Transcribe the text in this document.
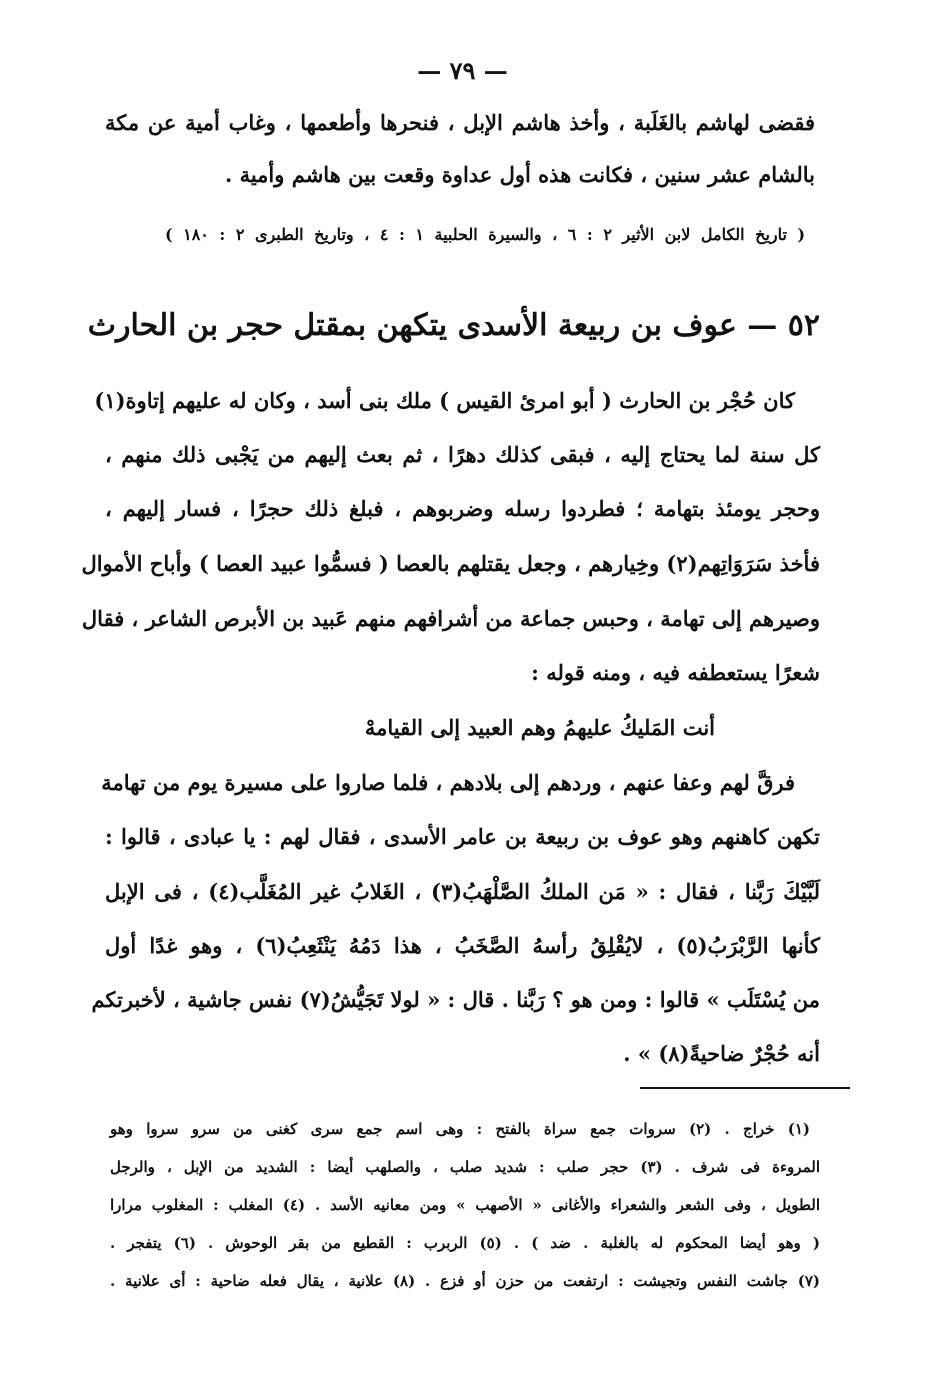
— ٧٩ —
فقضى لهاشم بالغَلَبة ، وأخذ هاشم الإبل ، فنحرها وأطعمها ، وغاب أمية عن مكة
بالشام عشر سنين ، فكانت هذه أول عداوة وقعت بين هاشم وأمية .
( تاريخ الكامل لابن الأثير ٢ : ٦ ، والسيرة الحلبية ١ : ٤ ، وتاريخ الطبرى ٢ : ١٨٠ )
٥٢ — عوف بن ربيعة الأسدى يتكهن بمقتل حجر بن الحارث
كان حُجْر بن الحارث ( أبو امرئ القيس ) ملك بنى أسد ، وكان له عليهم إتاوة(١)
كل سنة لما يحتاج إليه ، فبقى كذلك دهرًا ، ثم بعث إليهم من يَجْبى ذلك منهم ،
وحجر يومئذ بتهامة ؛ فطردوا رسله وضربوهم ، فبلغ ذلك حجرًا ، فسار إليهم ،
فأخذ سَرَوَاتِهم(٢) وخِيارهم ، وجعل يقتلهم بالعصا ( فسمُّوا عبيد العصا ) وأباح الأموال
وصيرهم إلى تهامة ، وحبس جماعة من أشرافهم منهم عَبيد بن الأبرص الشاعر ، فقال
شعرًا يستعطفه فيه ، ومنه قوله :
أنت المَليكُ عليهمُ وهم العبيد إلى القيامهْ
فرقَّ لهم وعفا عنهم ، وردهم إلى بلادهم ، فلما صاروا على مسيرة يوم من تهامة
تكهن كاهنهم وهو عوف بن ربيعة بن عامر الأسدى ، فقال لهم : يا عبادى ، قالوا :
لَبَّيْكَ رَبَّنا ، فقال : « مَن الملكُ الصَّلْهَبُ(٣) ، الغَلابُ غير المُغَلَّب(٤) ، فى الإبل
كأنها الرَّبْرَبُ(٥) ، لايُقْلِقُ رأسهُ الصَّخَبُ ، هذا دَمُهُ يَنْثَعِبُ(٦) ، وهو غدًا أول
من يُسْتَلَب » قالوا : ومن هو ؟ رَبَّنا . قال : « لولا تَجَيُّشُ(٧) نفس جاشية ، لأخبرتكم
أنه حُجْرٌ ضاحيةً(٨) » .
(١) خراج . (٢) سروات جمع سراة بالفتح : وهى اسم جمع سرى كغنى من سرو سروا وهو
المروءة فى شرف . (٣) حجر صلب : شديد صلب ، والصلهب أيضا : الشديد من الإبل ، والرجل
الطويل ، وفى الشعر والشعراء والأغانى « الأصهب » ومن معانيه الأسد . (٤) المغلب : المغلوب مرارا
( وهو أيضا المحكوم له بالغلبة . ضد ) . (٥) الربرب : القطيع من بقر الوحوش . (٦) يتفجر .
(٧) جاشت النفس وتجيشت : ارتفعت من حزن أو فزع . (٨) علانية ، يقال فعله ضاحية : أى علانية .
